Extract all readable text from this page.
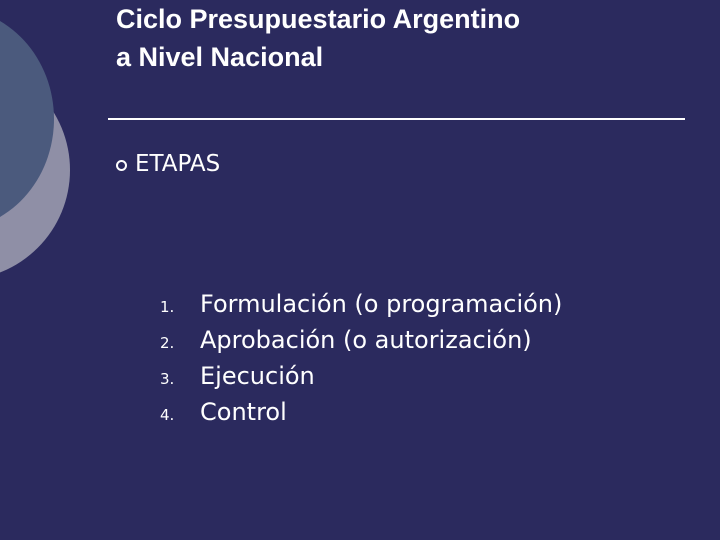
Ciclo Presupuestario Argentino
a Nivel Nacional
ETAPAS
1.	Formulación (o programación)
2.	Aprobación (o autorización)
3.	Ejecución
4.	Control
